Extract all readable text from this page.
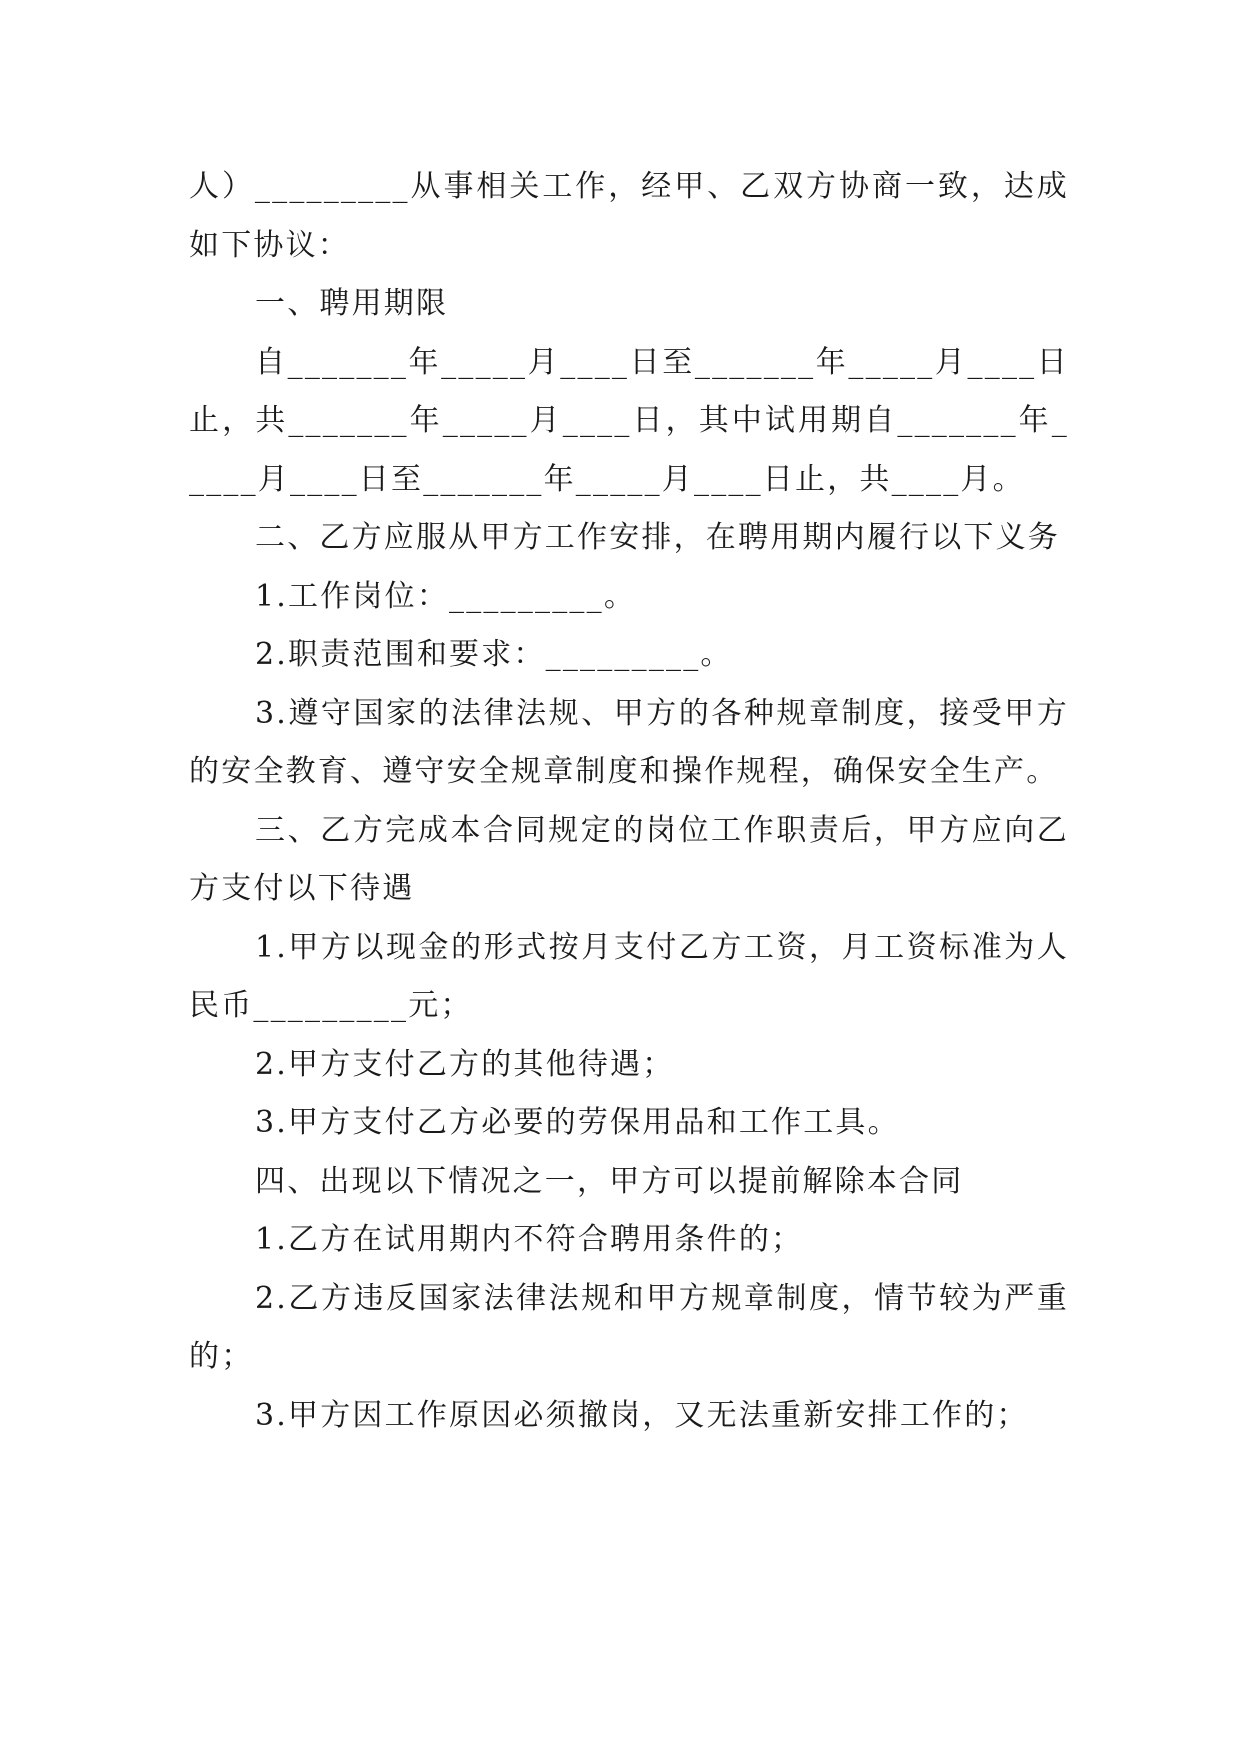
人）_________从事相关工作，经甲、乙双方协商一致，达成如下协议：

一、聘用期限

自_______年_____月____日至_______年_____月____日止，共_______年_____月____日，其中试用期自_______年_____月____日至_______年_____月____日止，共____月。

二、乙方应服从甲方工作安排，在聘用期内履行以下义务

1.工作岗位：_________。

2.职责范围和要求：_________。

3.遵守国家的法律法规、甲方的各种规章制度，接受甲方的安全教育、遵守安全规章制度和操作规程，确保安全生产。

三、乙方完成本合同规定的岗位工作职责后，甲方应向乙方支付以下待遇

1.甲方以现金的形式按月支付乙方工资，月工资标准为人民币_________元；

2.甲方支付乙方的其他待遇；

3.甲方支付乙方必要的劳保用品和工作工具。

四、出现以下情况之一，甲方可以提前解除本合同

1.乙方在试用期内不符合聘用条件的；

2.乙方违反国家法律法规和甲方规章制度，情节较为严重的；

3.甲方因工作原因必须撤岗，又无法重新安排工作的；
